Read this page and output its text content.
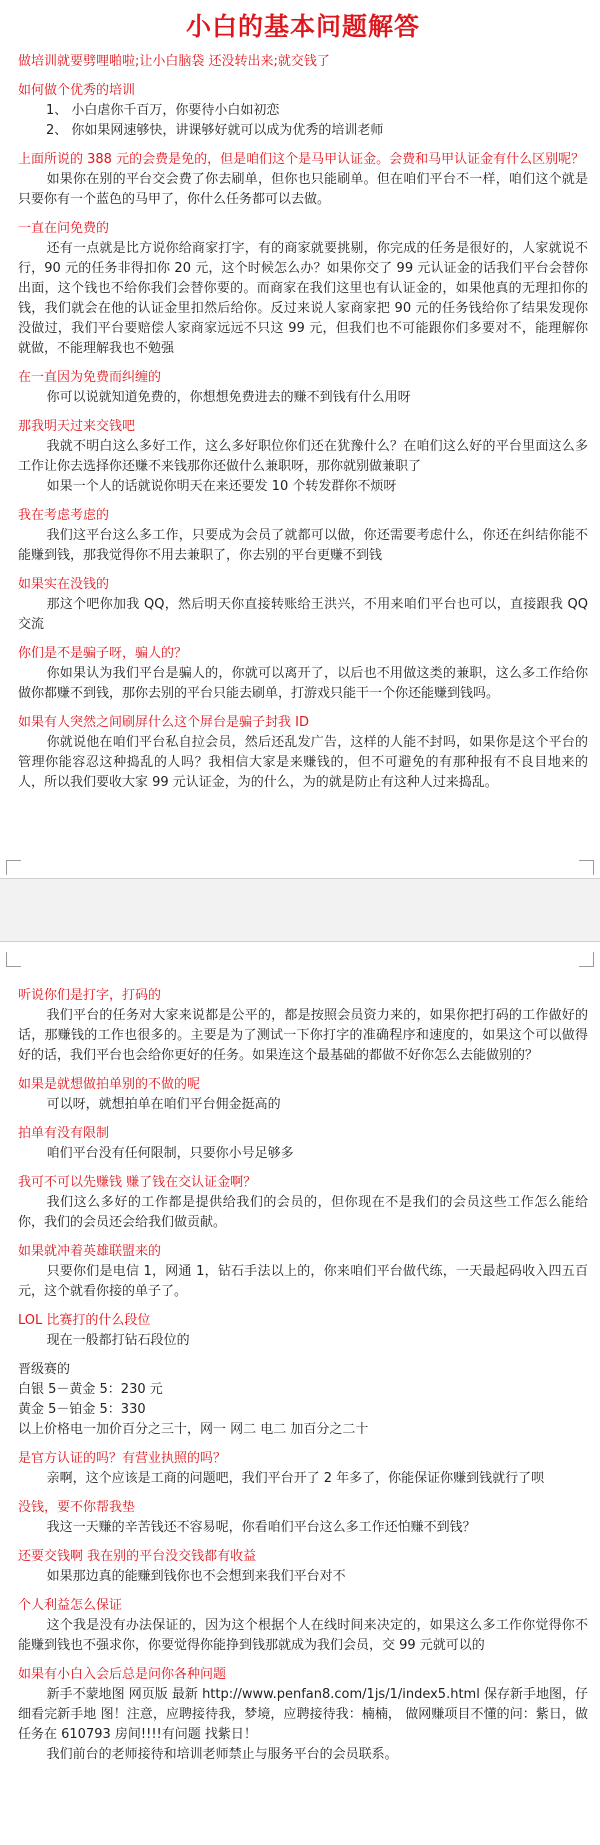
小白的基本问题解答
做培训就要劈哩啪啦;让小白脑袋 还没转出来;就交钱了
如何做个优秀的培训
1、 小白虐你千百万，你要待小白如初恋
2、 你如果网速够快，讲课够好就可以成为优秀的培训老师
上面所说的 388 元的会费是免的，但是咱们这个是马甲认证金。会费和马甲认证金有什么区别呢？
如果你在别的平台交会费了你去刷单，但你也只能刷单。但在咱们平台不一样，咱们这个就是只要你有一个蓝色的马甲了，你什么任务都可以去做。
一直在问免费的
还有一点就是比方说你给商家打字，有的商家就要挑剔，你完成的任务是很好的，人家就说不行，90 元的任务非得扣你 20 元，这个时候怎么办？如果你交了 99 元认证金的话我们平台会替你出面，这个钱也不给你我们会替你要的。而商家在我们这里也有认证金的，如果他真的无理扣你的钱，我们就会在他的认证金里扣然后给你。反过来说人家商家把 90 元的任务钱给你了结果发现你没做过，我们平台要赔偿人家商家远远不只这 99 元，但我们也不可能跟你们多要对不，能理解你就做，不能理解我也不勉强
在一直因为免费而纠缠的
你可以说就知道免费的，你想想免费进去的赚不到钱有什么用呀
那我明天过来交钱吧
我就不明白这么多好工作，这么多好职位你们还在犹豫什么？在咱们这么好的平台里面这么多工作让你去选择你还赚不来钱那你还做什么兼职呀，那你就别做兼职了
如果一个人的话就说你明天在来还要发 10 个转发群你不烦呀
我在考虑考虑的
我们这平台这么多工作，只要成为会员了就都可以做，你还需要考虑什么，你还在纠结你能不能赚到钱，那我觉得你不用去兼职了，你去别的平台更赚不到钱
如果实在没钱的
那这个吧你加我 QQ，然后明天你直接转账给王洪兴，不用来咱们平台也可以，直接跟我 QQ 交流
你们是不是骗子呀，骗人的？
你如果认为我们平台是骗人的，你就可以离开了，以后也不用做这类的兼职，这么多工作给你做你都赚不到钱，那你去别的平台只能去刷单，打游戏只能干一个你还能赚到钱吗。
如果有人突然之间刷屏什么这个屏台是骗子封我 ID
你就说他在咱们平台私自拉会员，然后还乱发广告，这样的人能不封吗，如果你是这个平台的管理你能容忍这种捣乱的人吗？我相信大家是来赚钱的，但不可避免的有那种报有不良目地来的人，所以我们要收大家 99 元认证金，为的什么，为的就是防止有这种人过来捣乱。
听说你们是打字，打码的
我们平台的任务对大家来说都是公平的，都是按照会员资力来的，如果你把打码的工作做好的话，那赚钱的工作也很多的。主要是为了测试一下你打字的准确程序和速度的，如果这个可以做得好的话，我们平台也会给你更好的任务。如果连这个最基础的都做不好你怎么去能做别的？
如果是就想做拍单别的不做的呢
可以呀，就想拍单在咱们平台佣金挺高的
拍单有没有限制
咱们平台没有任何限制，只要你小号足够多
我可不可以先赚钱 赚了钱在交认证金啊？
我们这么多好的工作都是提供给我们的会员的，但你现在不是我们的会员这些工作怎么能给你，我们的会员还会给我们做贡献。
如果就冲着英雄联盟来的
只要你们是电信 1，网通 1，钻石手法以上的，你来咱们平台做代练，一天最起码收入四五百元，这个就看你接的单子了。
LOL 比赛打的什么段位
现在一般都打钻石段位的
晋级赛的
白银 5－黄金 5：230 元
黄金 5－铂金 5：330
以上价格电一加价百分之三十，网一 网二 电二 加百分之二十
是官方认证的吗？有营业执照的吗？
亲啊，这个应该是工商的问题吧，我们平台开了 2 年多了，你能保证你赚到钱就行了呗
没钱，要不你帮我垫
我这一天赚的辛苦钱还不容易呢，你看咱们平台这么多工作还怕赚不到钱？
还要交钱啊 我在别的平台没交钱都有收益
如果那边真的能赚到钱你也不会想到来我们平台对不
个人利益怎么保证
这个我是没有办法保证的，因为这个根据个人在线时间来决定的，如果这么多工作你觉得你不能赚到钱也不强求你，你要觉得你能挣到钱那就成为我们会员，交 99 元就可以的
如果有小白入会后总是问你各种问题
新手不蒙地图 网页版 最新 http://www.penfan8.com/1js/1/index5.html 保存新手地图，仔细看完新手地 图！注意，应聘接待我，梦境，应聘接待我：楠楠， 做网赚项目不懂的问：紫日，做任务在 610793 房间!!!!有问题 找紫日！
我们前台的老师接待和培训老师禁止与服务平台的会员联系。
